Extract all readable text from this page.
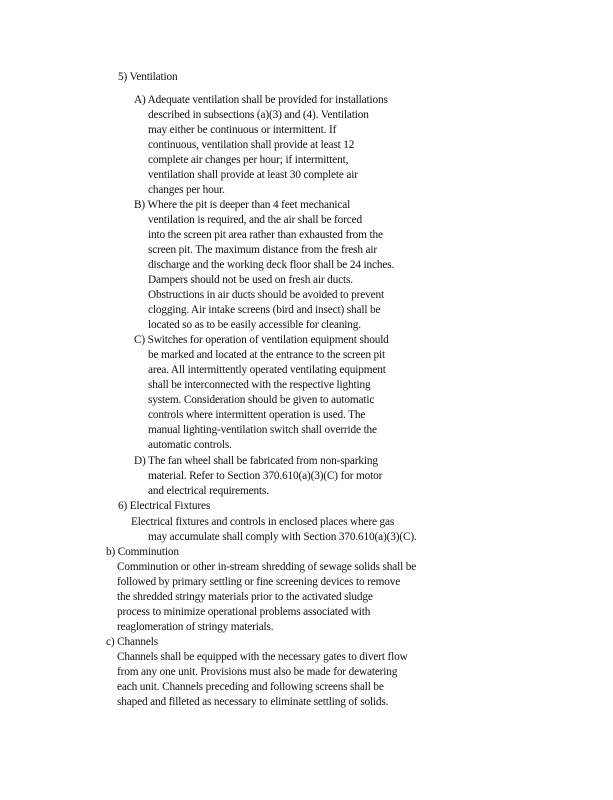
5) Ventilation
A) Adequate ventilation shall be provided for installations
described in subsections (a)(3) and (4). Ventilation
may either be continuous or intermittent. If
continuous, ventilation shall provide at least 12
complete air changes per hour; if intermittent,
ventilation shall provide at least 30 complete air
changes per hour.
B) Where the pit is deeper than 4 feet mechanical
ventilation is required, and the air shall be forced
into the screen pit area rather than exhausted from the
screen pit. The maximum distance from the fresh air
discharge and the working deck floor shall be 24 inches.
Dampers should not be used on fresh air ducts.
Obstructions in air ducts should be avoided to prevent
clogging. Air intake screens (bird and insect) shall be
located so as to be easily accessible for cleaning.
C) Switches for operation of ventilation equipment should
be marked and located at the entrance to the screen pit
area. All intermittently operated ventilating equipment
shall be interconnected with the respective lighting
system. Consideration should be given to automatic
controls where intermittent operation is used. The
manual lighting-ventilation switch shall override the
automatic controls.
D) The fan wheel shall be fabricated from non-sparking
material. Refer to Section 370.610(a)(3)(C) for motor
and electrical requirements.
6) Electrical Fixtures
Electrical fixtures and controls in enclosed places where gas
may accumulate shall comply with Section 370.610(a)(3)(C).
b) Comminution
Comminution or other in-stream shredding of sewage solids shall be
followed by primary settling or fine screening devices to remove
the shredded stringy materials prior to the activated sludge
process to minimize operational problems associated with
reaglomeration of stringy materials.
c) Channels
Channels shall be equipped with the necessary gates to divert flow
from any one unit. Provisions must also be made for dewatering
each unit. Channels preceding and following screens shall be
shaped and filleted as necessary to eliminate settling of solids.
